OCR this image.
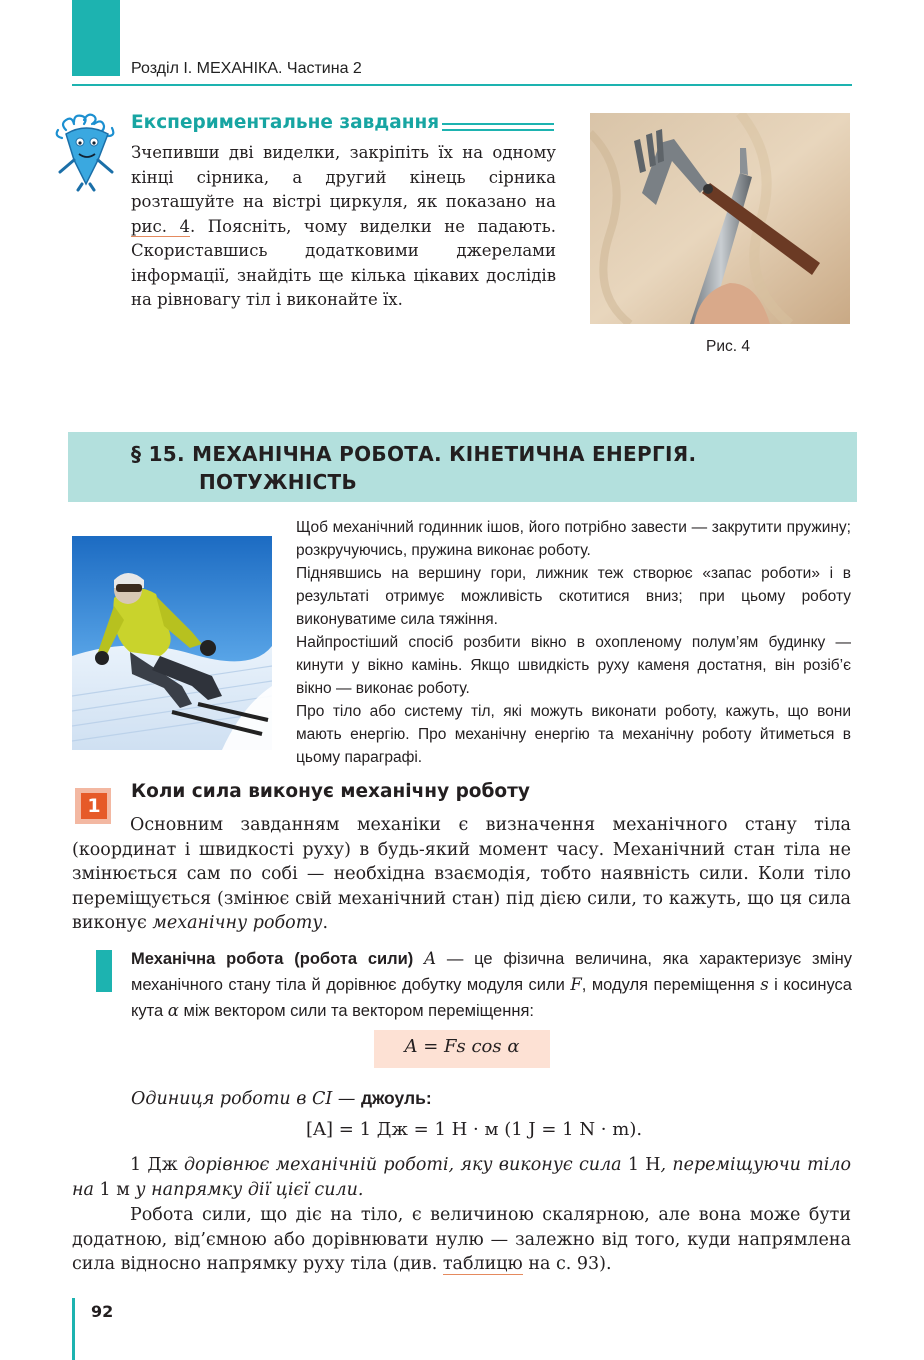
Розділ I. МЕХАНІКА. Частина 2
Експериментальне завдання
Зчепивши дві виделки, закріпіть їх на одному кінці сірника, а другий кінець сірника розташуйте на вістрі циркуля, як показано на рис. 4. Поясніть, чому виделки не падають. Скориставшись додатковими джерелами інформації, знайдіть ще кілька цікавих дослідів на рівновагу тіл і виконайте їх.
Рис. 4
§ 15. МЕХАНІЧНА РОБОТА. КІНЕТИЧНА ЕНЕРГІЯ.
ПОТУЖНІСТЬ

Щоб механічний годинник ішов, його потрібно завести — закрутити пружину; розкручуючись, пружина виконає роботу.

Піднявшись на вершину гори, лижник теж створює «запас роботи» і в результаті отримує можливість скотитися вниз; при цьому роботу виконуватиме сила тяжіння.

Найпростіший спосіб розбити вікно в охопленому полум’ям будинку — кинути у вікно камінь. Якщо швидкість руху каменя достатня, він розіб’є вікно — виконає роботу.

Про тіло або систему тіл, які можуть виконати роботу, кажуть, що вони мають енергію. Про механічну енергію та механічну роботу йтиметься в цьому параграфі.

1
Коли сила виконує механічну роботу
Основним завданням механіки є визначення механічного стану тіла (координат і швидкості руху) в будь-який момент часу. Механічний стан тіла не змінюється сам по собі — необхідна взаємодія, тобто наявність сили. Коли тіло переміщується (змінює свій механічний стан) під дією сили, то кажуть, що ця сила виконує механічну роботу.
Механічна робота (робота сили) A — це фізична величина, яка характеризує зміну механічного стану тіла й дорівнює добутку модуля сили F, модуля переміщення s і косинуса кута α між вектором сили та вектором переміщення:
A = Fs cos α
Одиниця роботи в СІ — джоуль:
[A] = 1 Дж = 1 Н · м (1 J = 1 N · m).
1 Дж дорівнює механічній роботі, яку виконує сила 1 Н, переміщуючи тіло на 1 м у напрямку дії цієї сили.
Робота сили, що діє на тіло, є величиною скалярною, але вона може бути додатною, від’ємною або дорівнювати нулю — залежно від того, куди напрямлена сила відносно напрямку руху тіла (див. таблицю на с. 93).
92
